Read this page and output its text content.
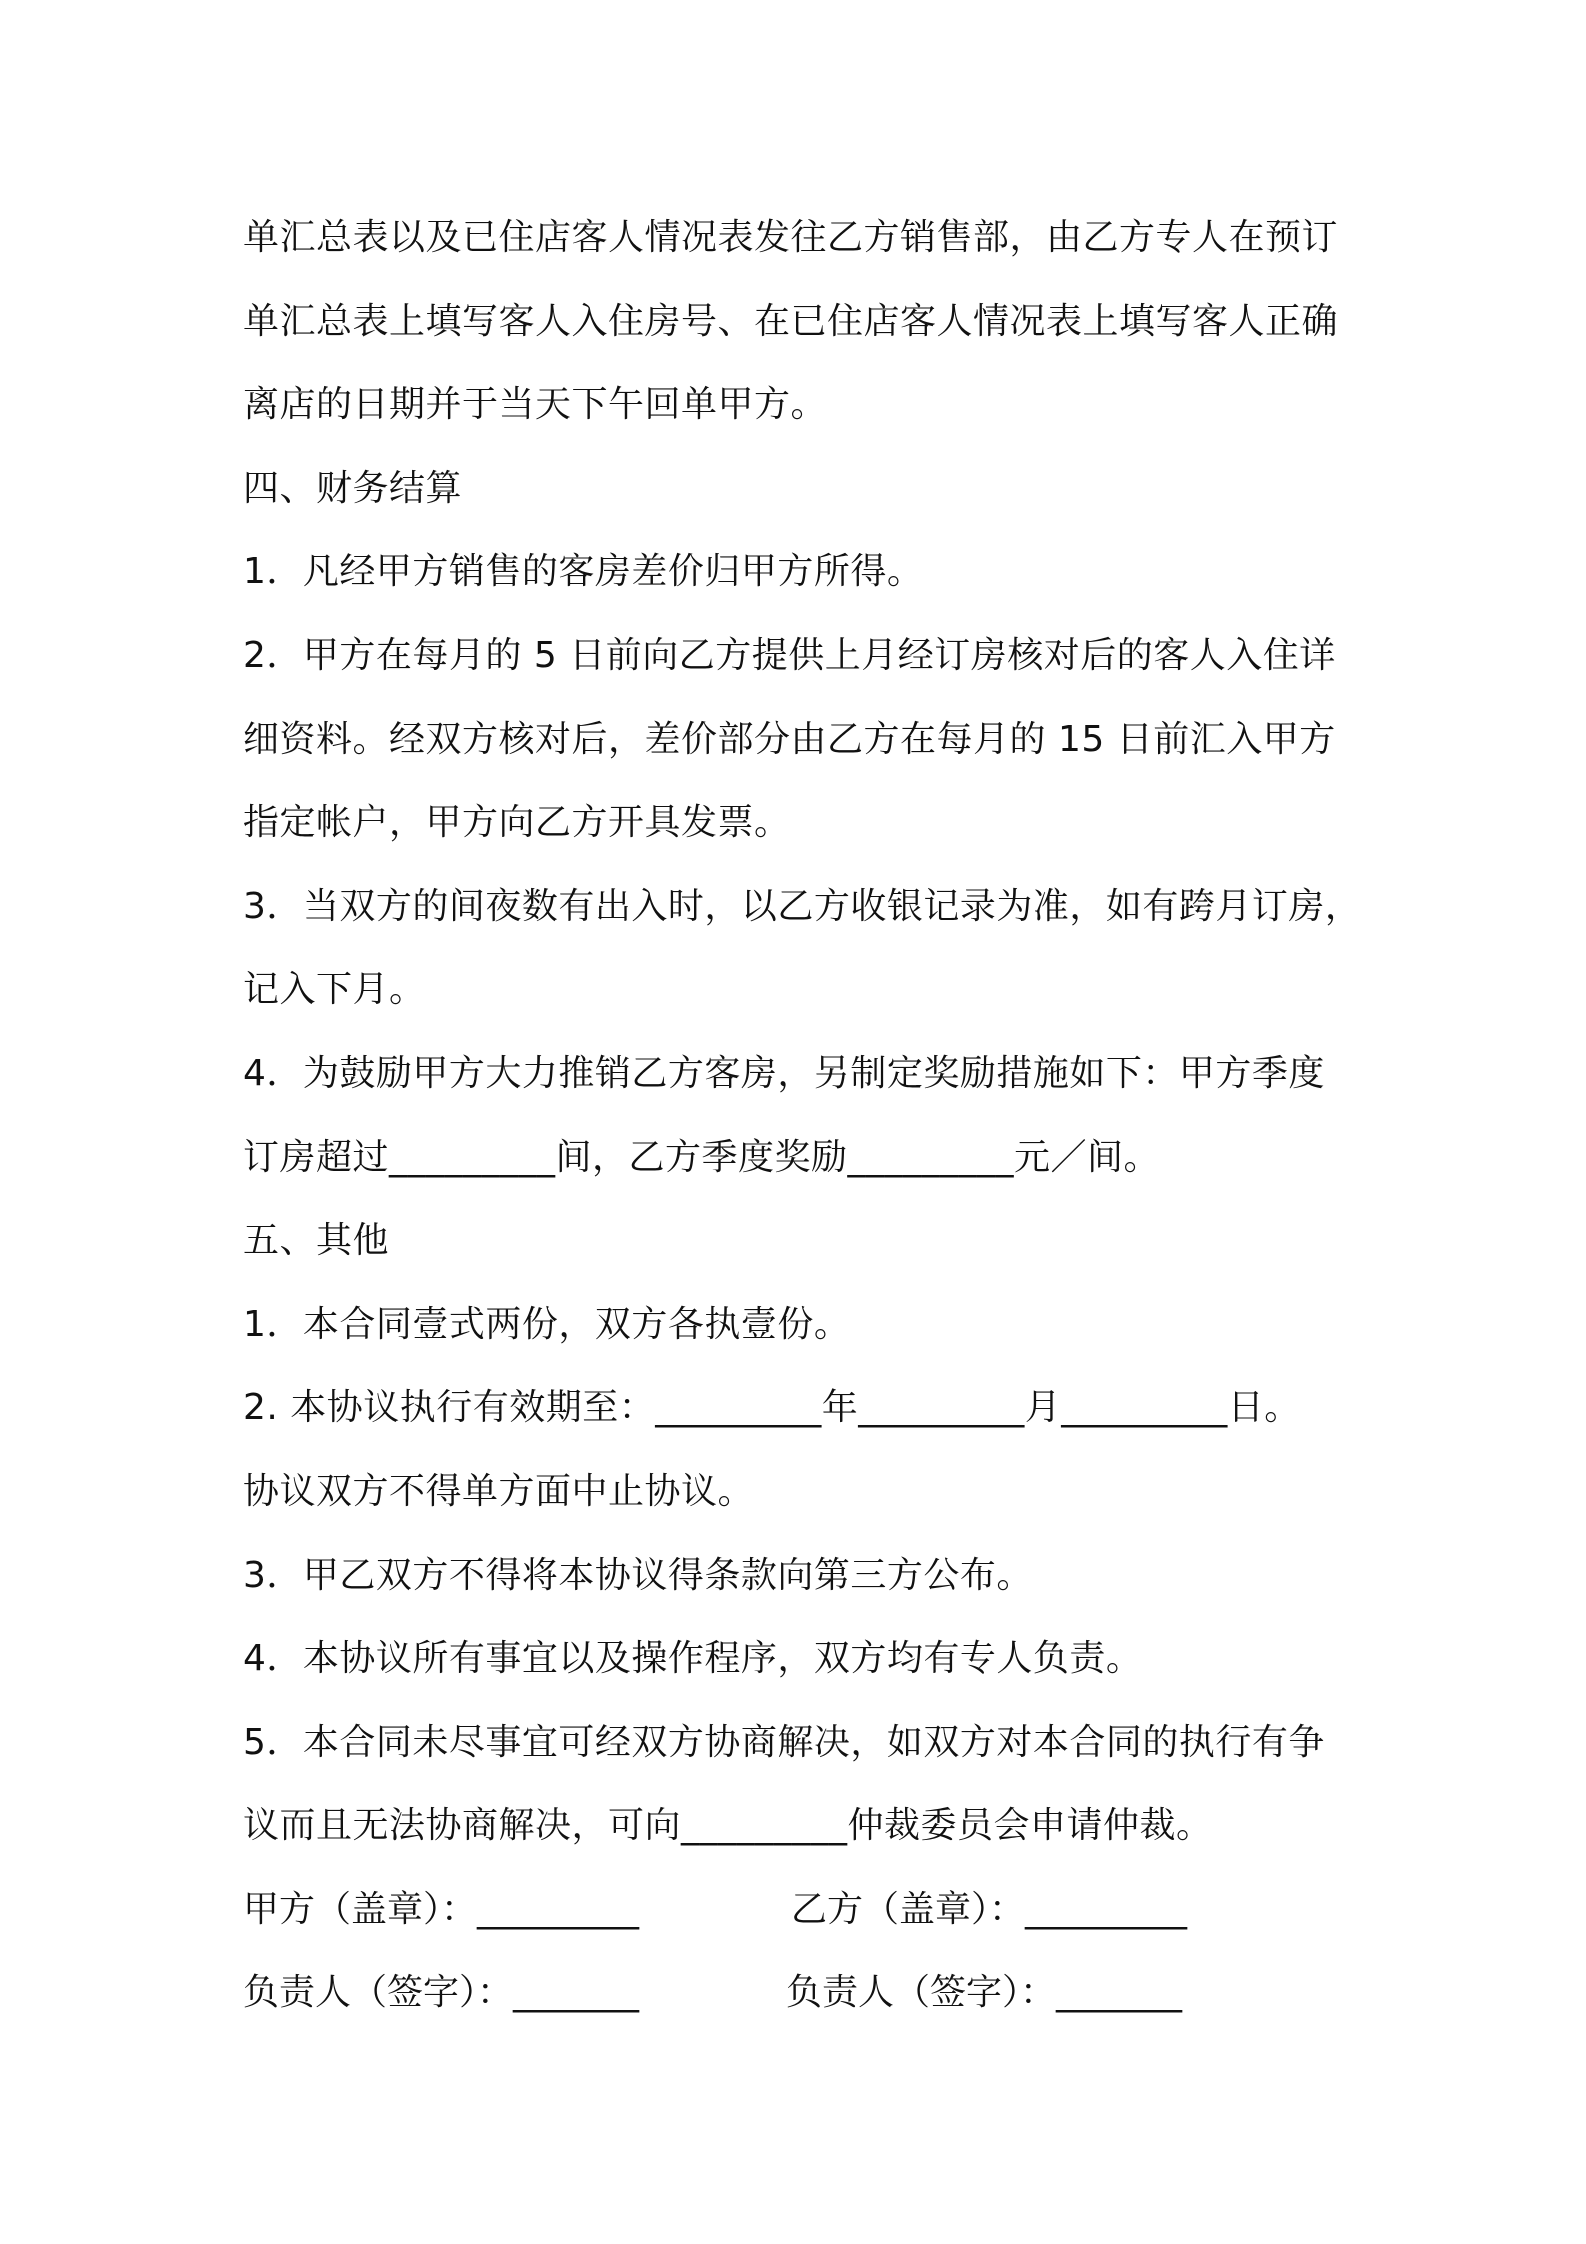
单汇总表以及已住店客人情况表发往乙方销售部，由乙方专人在预订
单汇总表上填写客人入住房号、在已住店客人情况表上填写客人正确
离店的日期并于当天下午回单甲方。
四、财务结算
1．凡经甲方销售的客房差价归甲方所得。
2．甲方在每月的 5 日前向乙方提供上月经订房核对后的客人入住详
细资料。经双方核对后，差价部分由乙方在每月的 15 日前汇入甲方
指定帐户，甲方向乙方开具发票。
3．当双方的间夜数有出入时，以乙方收银记录为准，如有跨月订房，
记入下月。
4．为鼓励甲方大力推销乙方客房，另制定奖励措施如下：甲方季度
订房超过_________间，乙方季度奖励_________元／间。
五、其他
1．本合同壹式两份，双方各执壹份。
2. 本协议执行有效期至：_________年_________月_________日。
协议双方不得单方面中止协议。
3．甲乙双方不得将本协议得条款向第三方公布。
4．本协议所有事宜以及操作程序，双方均有专人负责。
5．本合同未尽事宜可经双方协商解决，如双方对本合同的执行有争
议而且无法协商解决，可向_________仲裁委员会申请仲裁。
甲方（盖章）：_________	乙方（盖章）：_________
负责人（签字）：_______	负责人（签字）：_______
